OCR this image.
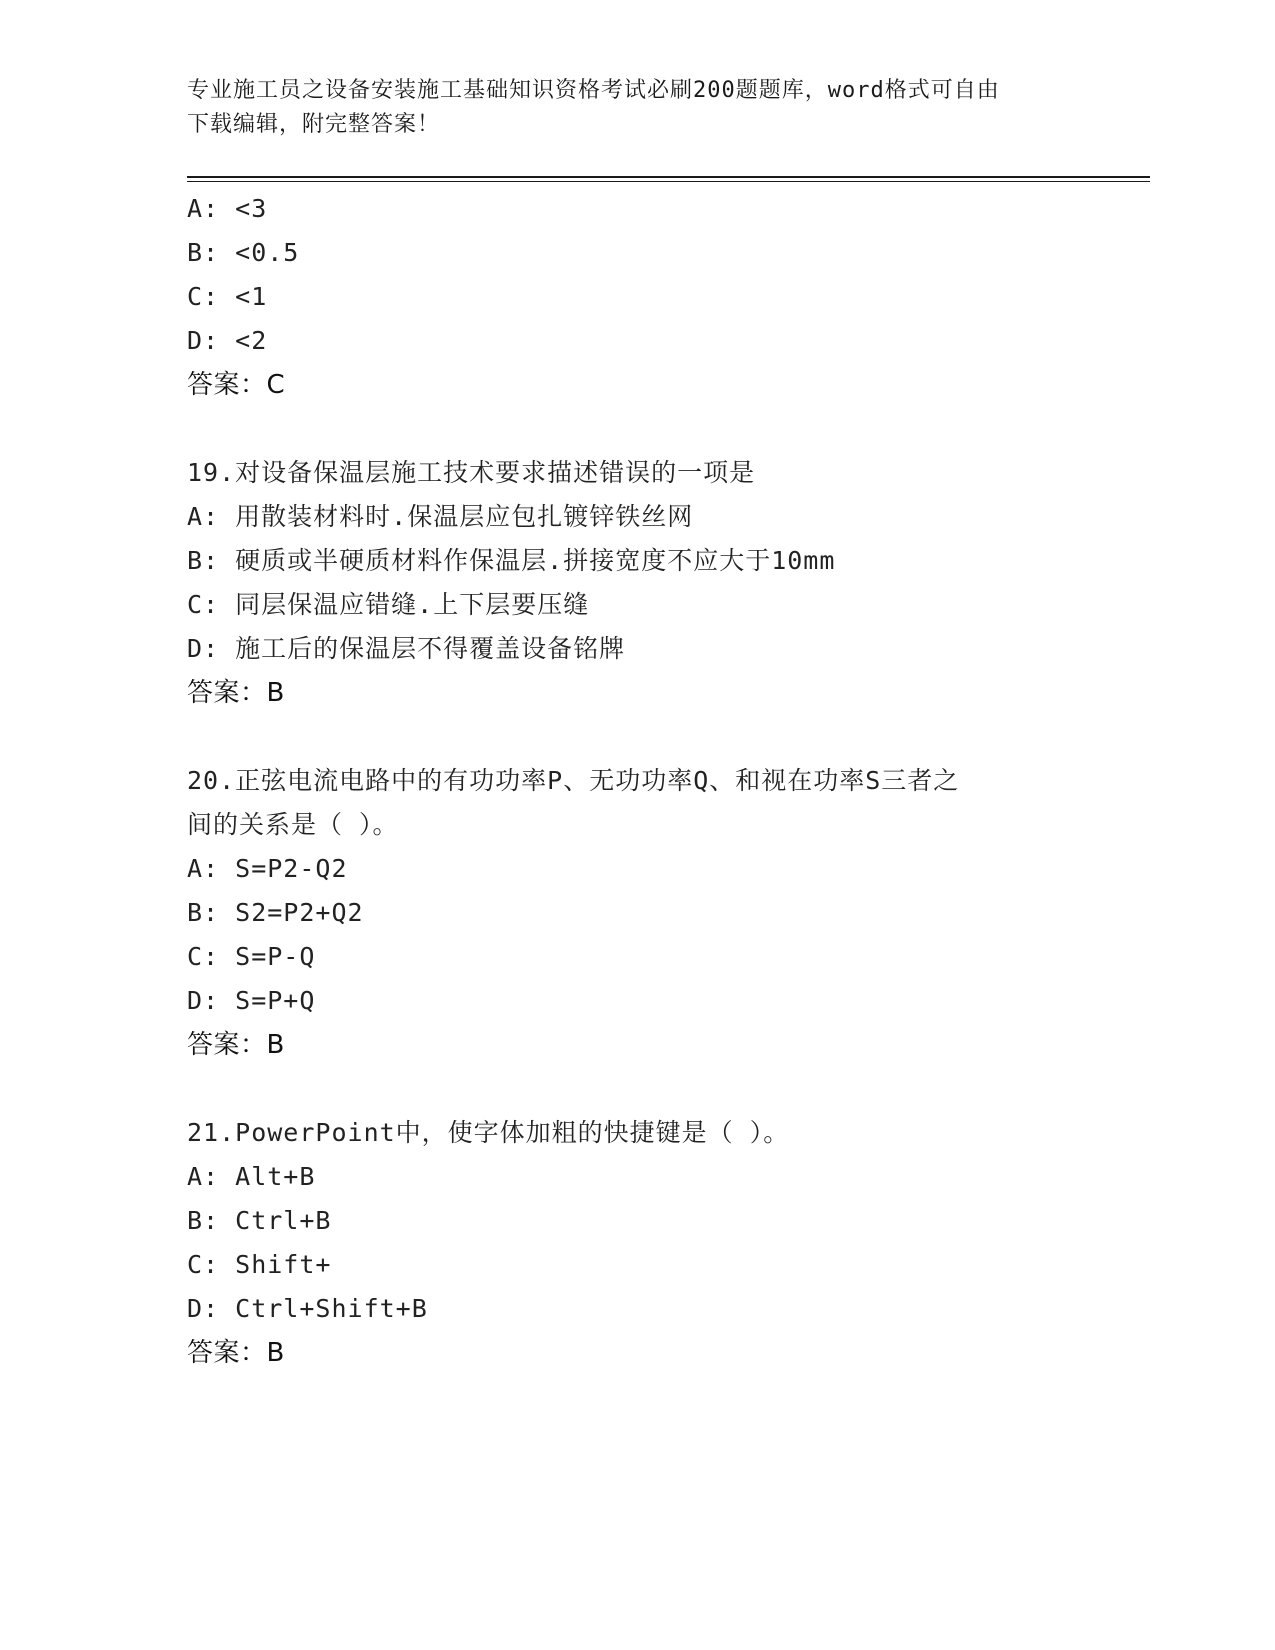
专业施工员之设备安装施工基础知识资格考试必刷200题题库，word格式可自由
下载编辑，附完整答案！
A: <3
B: <0.5
C: <1
D: <2
答案：C
19.对设备保温层施工技术要求描述错误的一项是
A: 用散装材料时.保温层应包扎镀锌铁丝网
B: 硬质或半硬质材料作保温层.拼接宽度不应大于10mm
C: 同层保温应错缝.上下层要压缝
D: 施工后的保温层不得覆盖设备铭牌
答案：B
20.正弦电流电路中的有功功率P、无功功率Q、和视在功率S三者之
间的关系是（ ）。
A: S=P2-Q2
B: S2=P2+Q2
C: S=P-Q
D: S=P+Q
答案：B
21.PowerPoint中，使字体加粗的快捷键是（ ）。
A: Alt+B
B: Ctrl+B
C: Shift+
D: Ctrl+Shift+B
答案：B
